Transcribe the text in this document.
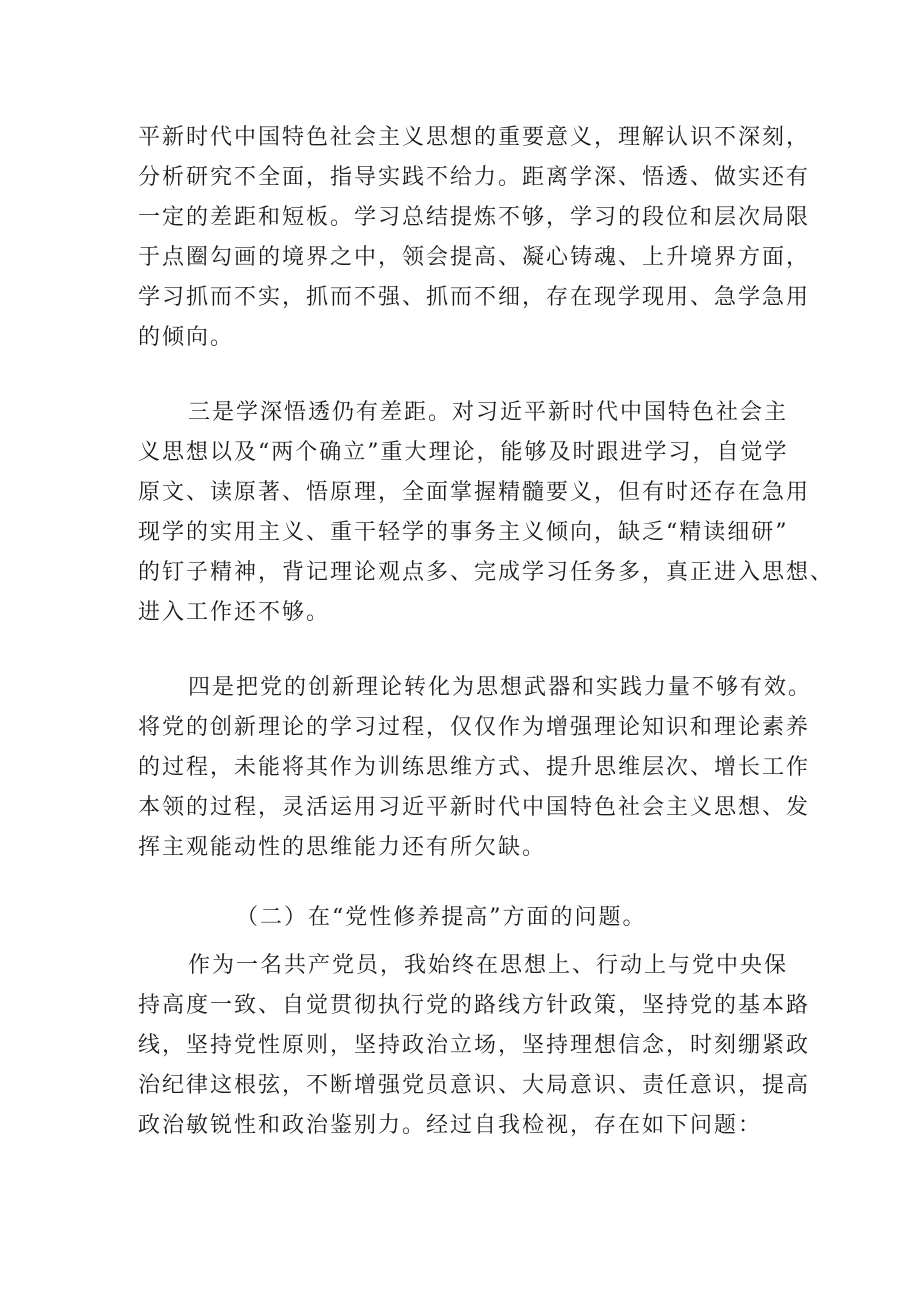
平新时代中国特色社会主义思想的重要意义，理解认识不深刻，
分析研究不全面，指导实践不给力。距离学深、悟透、做实还有
一定的差距和短板。学习总结提炼不够，学习的段位和层次局限
于点圈勾画的境界之中，领会提高、凝心铸魂、上升境界方面，
学习抓而不实，抓而不强、抓而不细，存在现学现用、急学急用
的倾向。

三是学深悟透仍有差距。对习近平新时代中国特色社会主
义思想以及“两个确立”重大理论，能够及时跟进学习，自觉学
原文、读原著、悟原理，全面掌握精髓要义，但有时还存在急用
现学的实用主义、重干轻学的事务主义倾向，缺乏“精读细研”
的钉子精神，背记理论观点多、完成学习任务多，真正进入思想、
进入工作还不够。

四是把党的创新理论转化为思想武器和实践力量不够有效。
将党的创新理论的学习过程，仅仅作为增强理论知识和理论素养
的过程，未能将其作为训练思维方式、提升思维层次、增长工作
本领的过程，灵活运用习近平新时代中国特色社会主义思想、发
挥主观能动性的思维能力还有所欠缺。

（二）在“党性修养提高”方面的问题。

作为一名共产党员，我始终在思想上、行动上与党中央保
持高度一致、自觉贯彻执行党的路线方针政策，坚持党的基本路
线，坚持党性原则，坚持政治立场，坚持理想信念，时刻绷紧政
治纪律这根弦，不断增强党员意识、大局意识、责任意识，提高
政治敏锐性和政治鉴别力。经过自我检视，存在如下问题：
